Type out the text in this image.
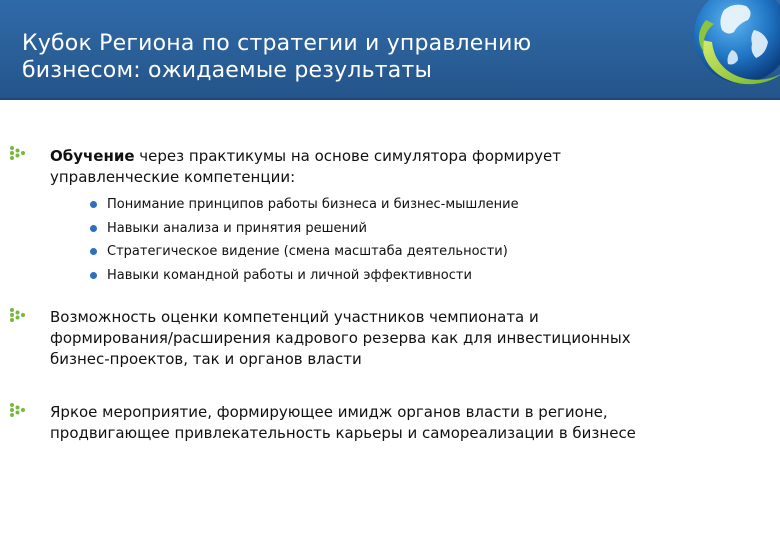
Кубок Региона по стратегии и управлению
бизнесом: ожидаемые результаты
Обучение через практикумы на основе симулятора формирует
управленческие компетенции:
Понимание принципов работы бизнеса и бизнес-мышление
Навыки анализа и принятия решений
Стратегическое видение (смена масштаба деятельности)
Навыки командной работы и личной эффективности
Возможность оценки компетенций участников чемпионата и
формирования/расширения кадрового резерва как для инвестиционных
бизнес-проектов, так и органов власти
Яркое мероприятие, формирующее имидж органов власти в регионе,
продвигающее привлекательность карьеры и самореализации в бизнесе
